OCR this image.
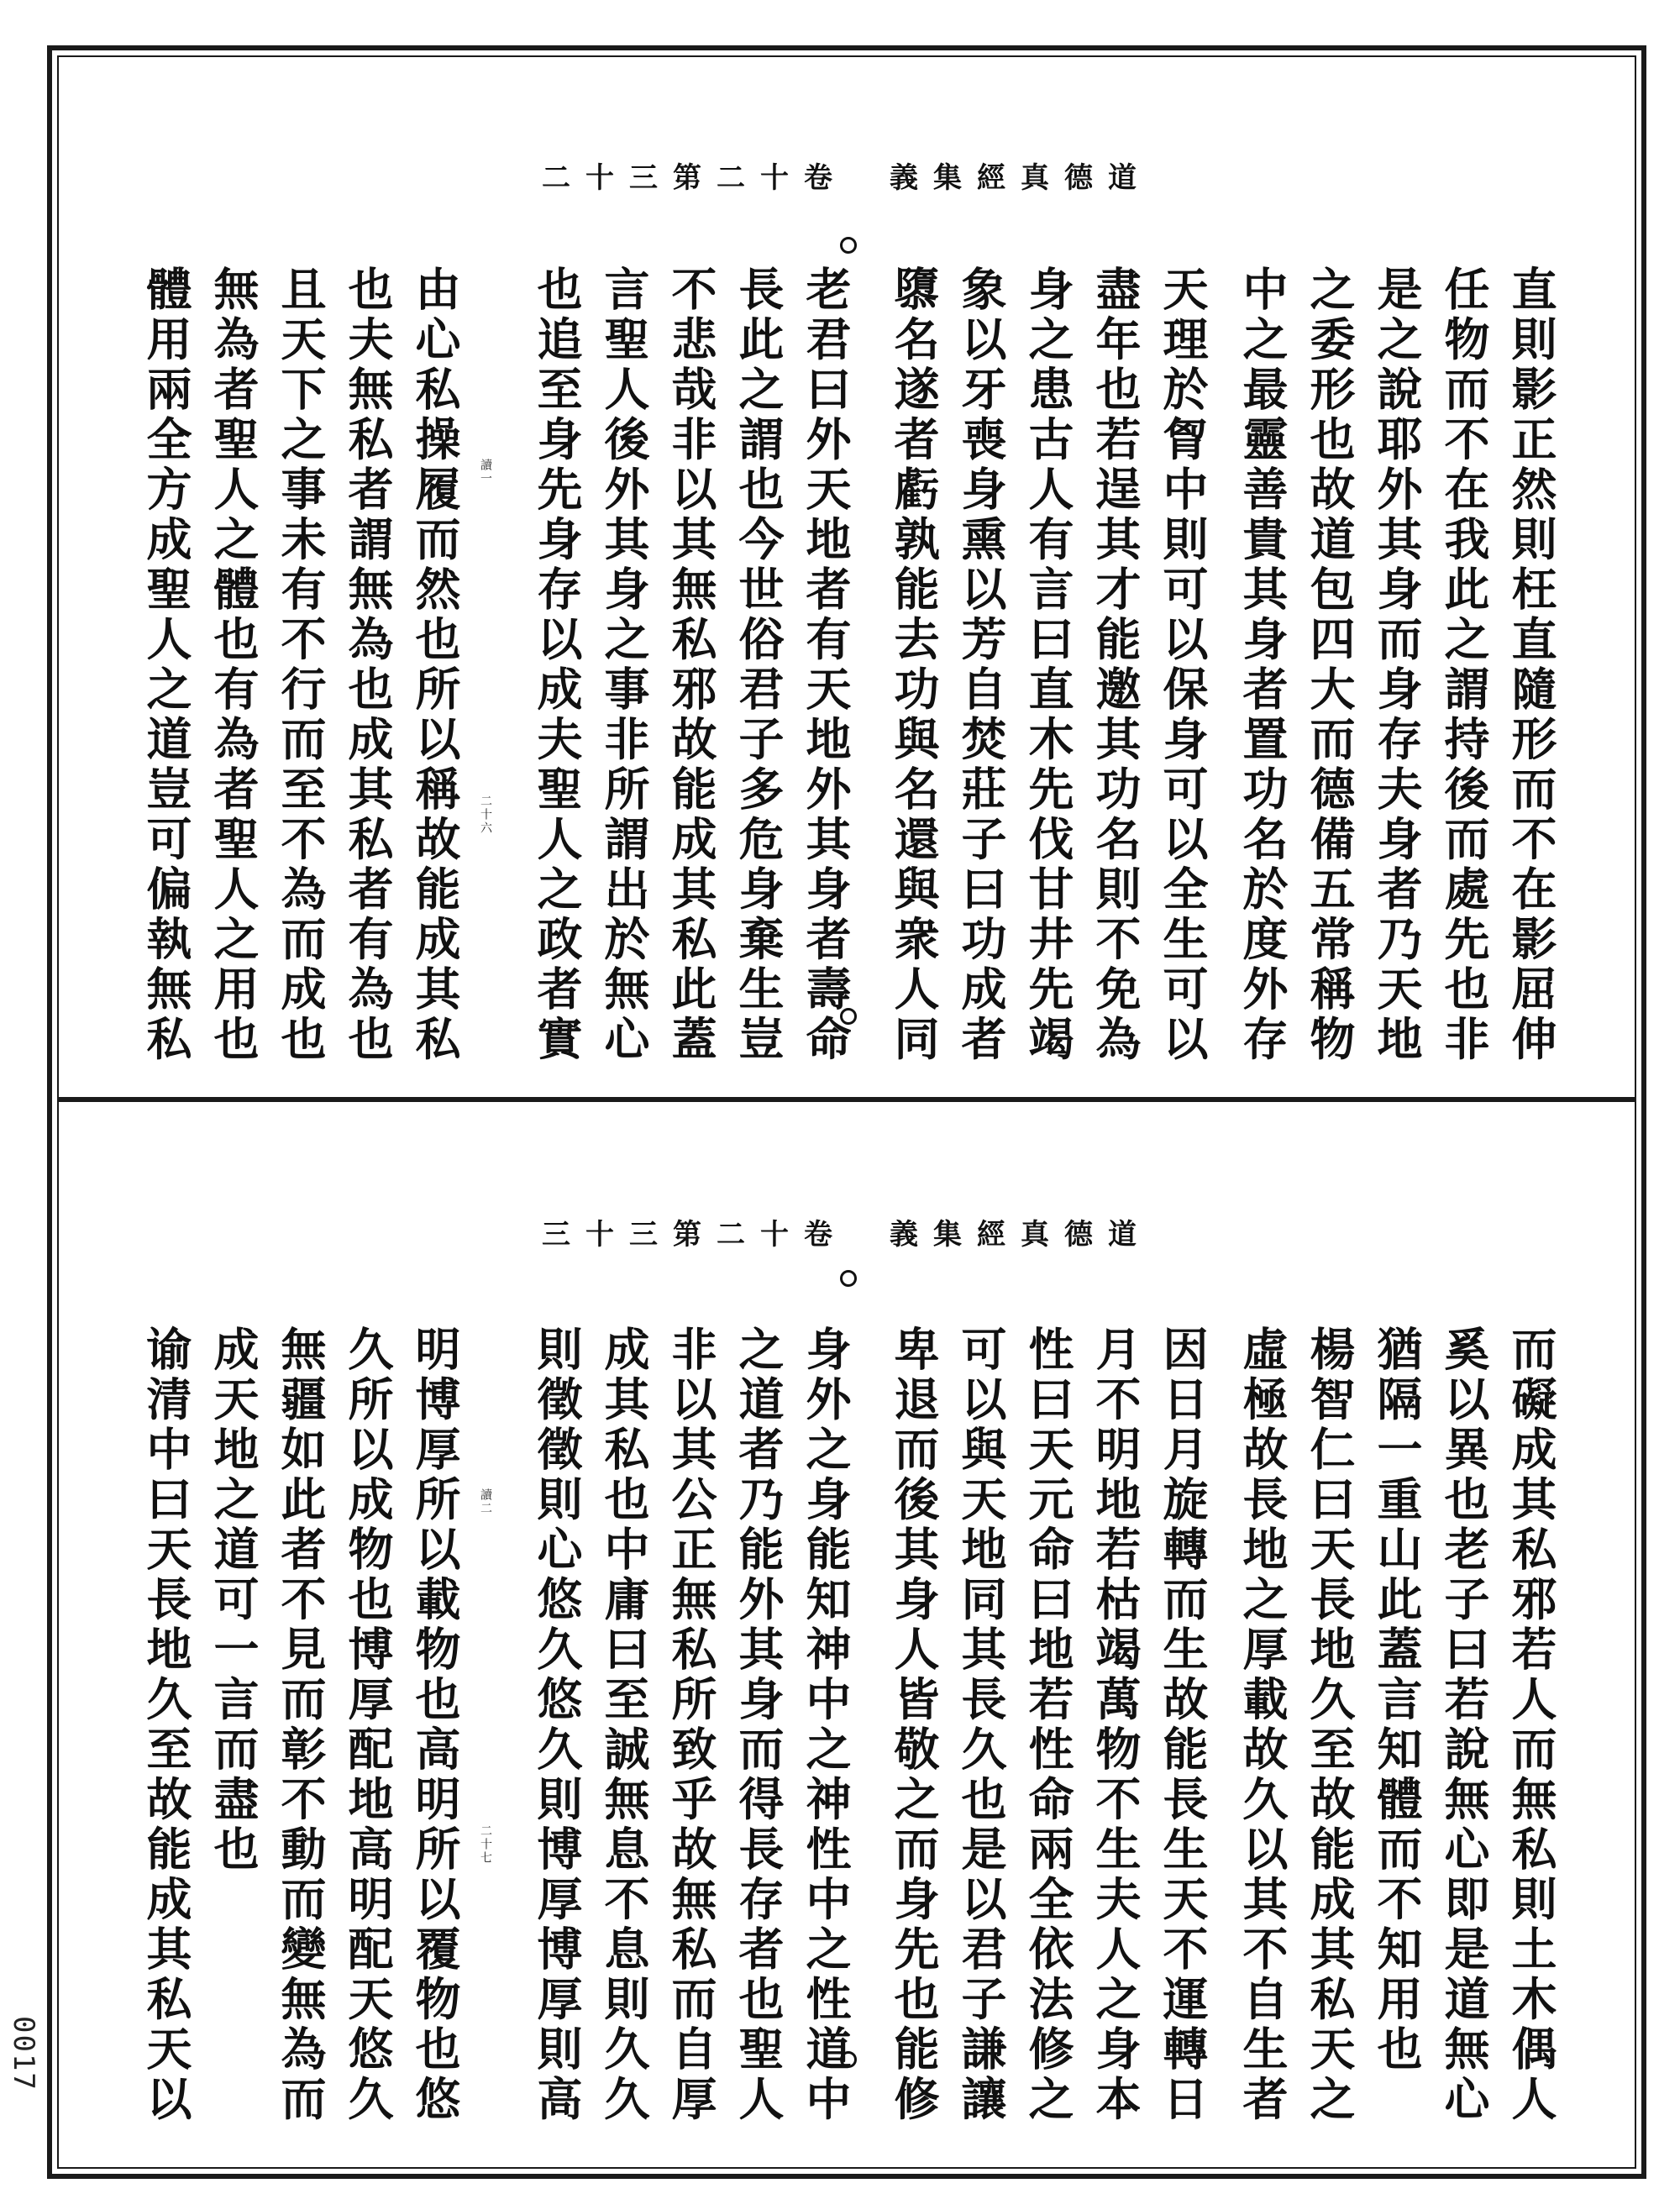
0017
二十三第二十卷 義集經真德道
直則影正然則枉直隨形而不在影屈伸
任物而不在我此之謂持後而處先也非
是之說耶外其身而身存夫身者乃天地
之委形也故道包四大而德備五常稱物
中之最靈善貴其身者置功名於度外存
天理於胷中則可以保身可以全生可以
盡年也若逞其才能邀其功名則不免為
身之患古人有言曰直木先伐甘井先竭
象以牙喪身熏以芳自焚莊子曰功成者
隳名遂者虧孰能去功與名還與衆人同
老君曰外天地者有天地外其身者壽命
長此之謂也今世俗君子多危身棄生豈
不悲哉非以其無私邪故能成其私此蓋
言聖人後外其身之事非所謂出於無心
也追至身先身存以成夫聖人之政者實
由心私操履而然也所以稱故能成其私
也夫無私者謂無為也成其私者有為也
且天下之事未有不行而至不為而成也
無為者聖人之體也有為者聖人之用也
體用兩全方成聖人之道豈可偏執無私	二十六
讀一
三十三第二十卷 義集經真德道
而礙成其私邪若人而無私則土木偶人
奚以異也老子曰若說無心即是道無心
猶隔一重山此蓋言知體而不知用也
楊智仁曰天長地久至故能成其私天之
虛極故長地之厚載故久以其不自生者
因日月旋轉而生故能長生天不運轉日
月不明地若枯竭萬物不生夫人之身本
性曰天元命曰地若性命兩全依法修之
可以與天地同其長久也是以君子謙讓
卑退而後其身人皆敬之而身先也能修
身外之身能知神中之神性中之性道中
之道者乃能外其身而得長存者也聖人
非以其公正無私所致乎故無私而自厚
成其私也中庸曰至誠無息不息則久久
則徵徵則心悠久悠久則博厚博厚則高
明博厚所以載物也高明所以覆物也悠
久所以成物也博厚配地高明配天悠久
無疆如此者不見而彰不動而變無為而
成天地之道可一言而盡也
谕清中曰天長地久至故能成其私天以	二十七
讀二
